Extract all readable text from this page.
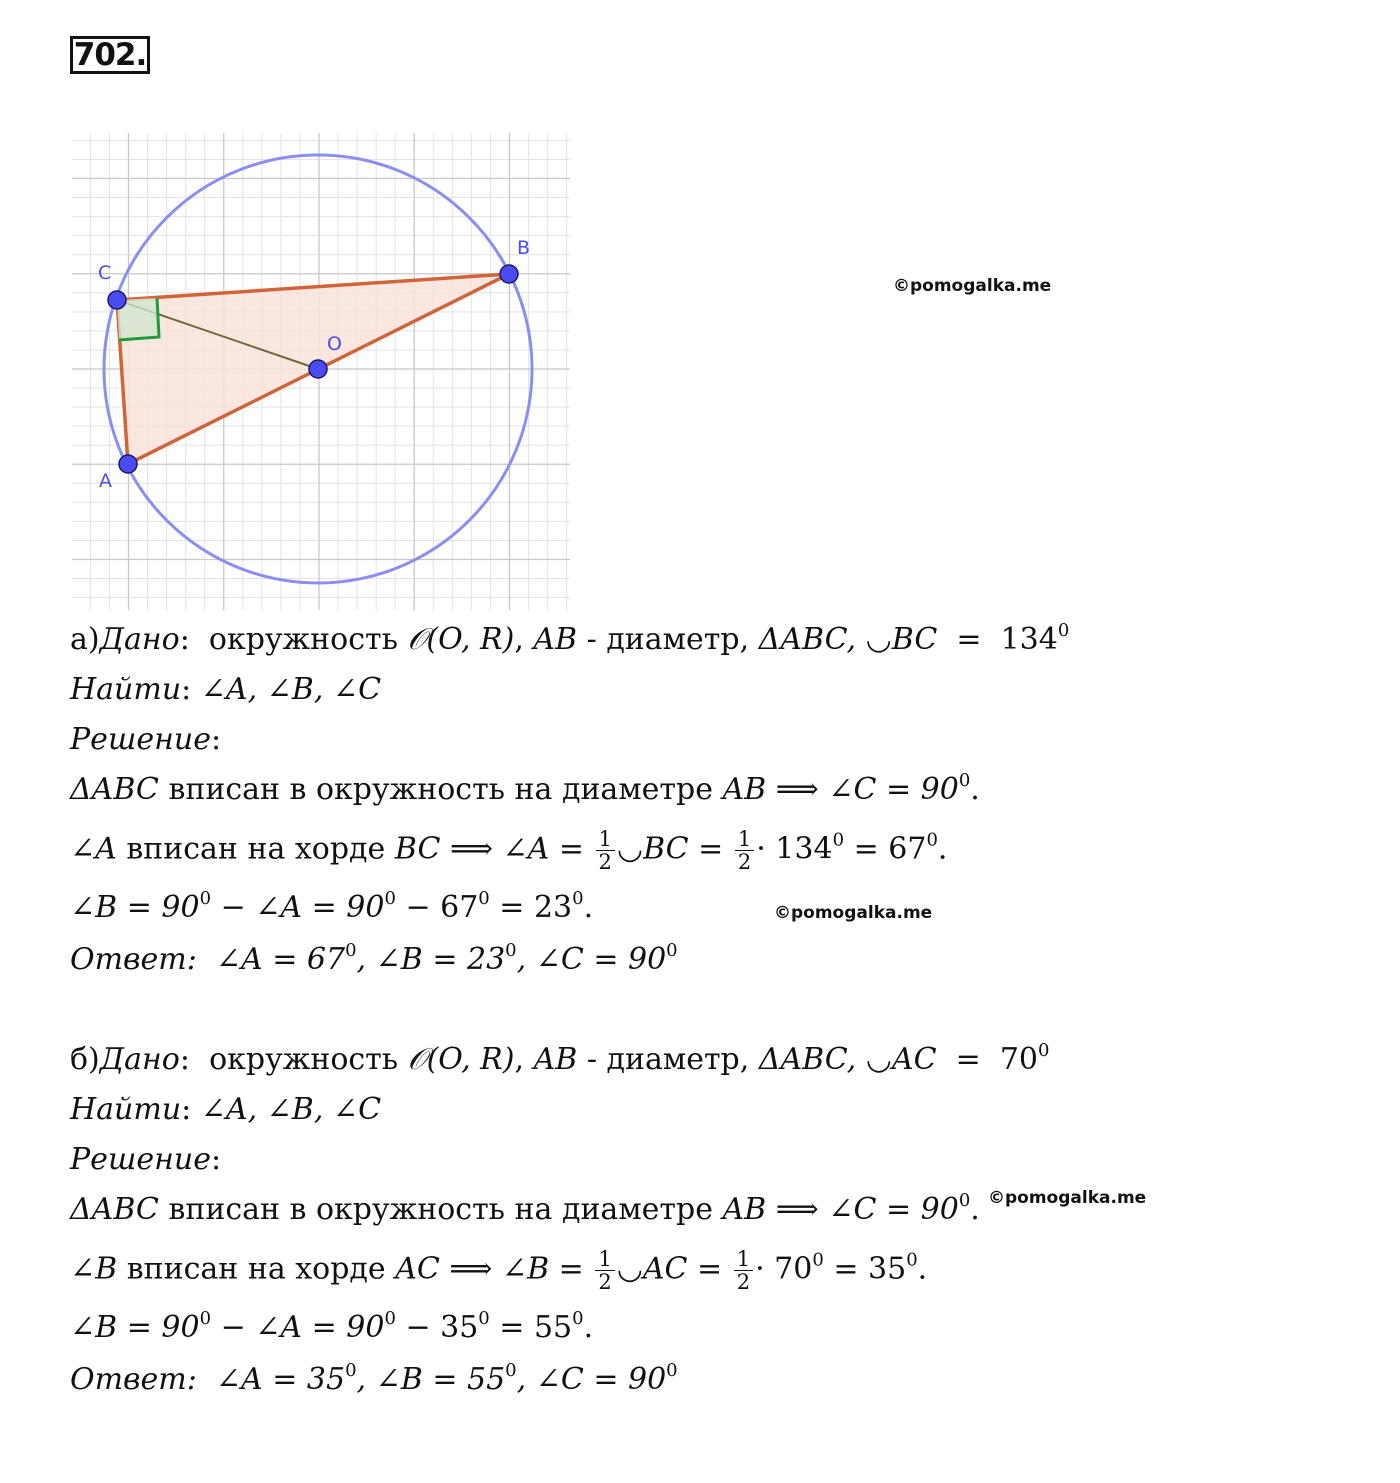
702.
A
B
C
O
©pomogalka.me
©pomogalka.me
©pomogalka.me
а)Дано:  окружность 𝒪(O, R), AB - диаметр, ΔABC, ◡BC = $134^0$
Найти: ∠A, ∠B, ∠C
Решение:
ΔABC вписан в окружность на диаметре AB ⟹ ∠C = $90^0$.
∠A вписан на хорде BC ⟹ ∠A = $\frac{1}{2}$ ◡BC = $\frac{1}{2} \cdot 134^0 = 67^0$.
∠B = $90^0$ − ∠A = $90^0 - 67^0 = 23^0$.
Ответ: ∠A = $67^0$, ∠B = $23^0$, ∠C = $90^0$
б)Дано:  окружность 𝒪(O, R), AB - диаметр, ΔABC, ◡AC = $70^0$
Найти: ∠A, ∠B, ∠C
Решение:
ΔABC вписан в окружность на диаметре AB ⟹ ∠C = $90^0$.
∠B вписан на хорде AC ⟹ ∠B = $\frac{1}{2}$ ◡AC = $\frac{1}{2} \cdot 70^0 = 35^0$.
∠B = $90^0$ − ∠A = $90^0 - 35^0 = 55^0$.
Ответ: ∠A = $35^0$, ∠B = $55^0$, ∠C = $90^0$
